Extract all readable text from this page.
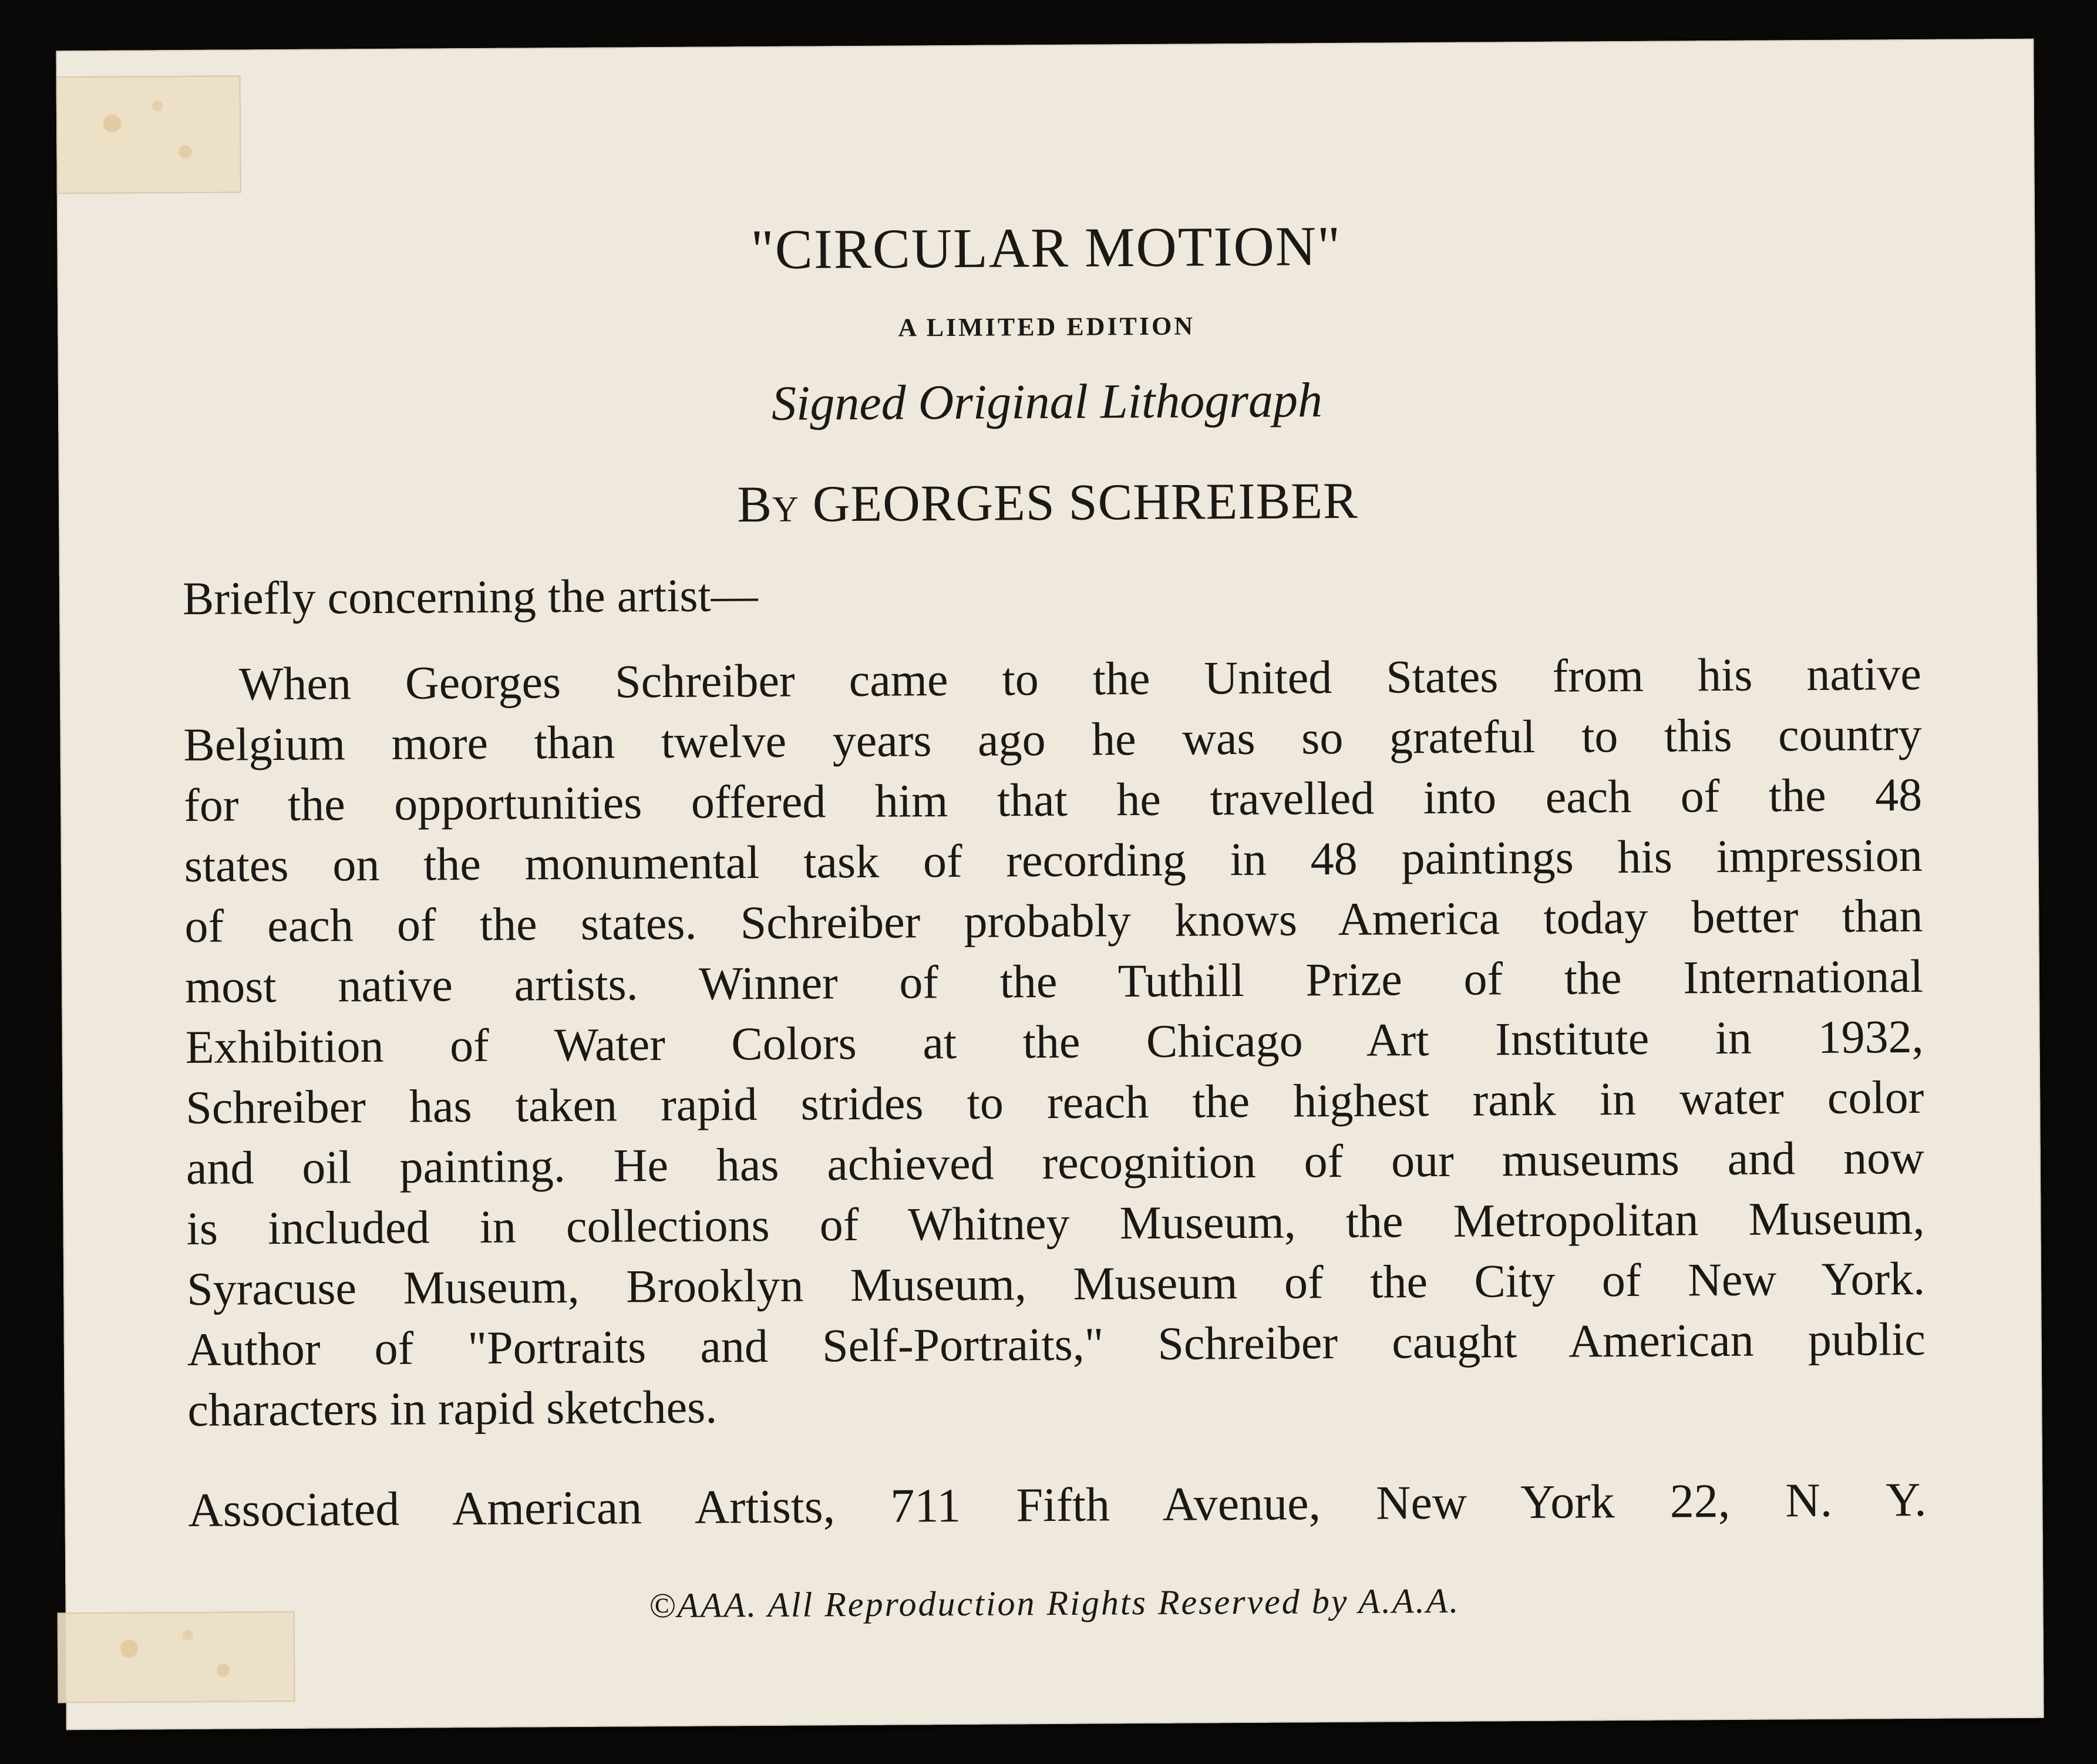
"CIRCULAR MOTION"
A LIMITED EDITION
Signed Original Lithograph
By GEORGES SCHREIBER
Briefly concerning the artist—
When Georges Schreiber came to the United States from his native
Belgium more than twelve years ago he was so grateful to this country
for the opportunities offered him that he travelled into each of the 48
states on the monumental task of recording in 48 paintings his impression
of each of the states. Schreiber probably knows America today better than
most native artists. Winner of the Tuthill Prize of the International
Exhibition of Water Colors at the Chicago Art Institute in 1932,
Schreiber has taken rapid strides to reach the highest rank in water color
and oil painting. He has achieved recognition of our museums and now
is included in collections of Whitney Museum, the Metropolitan Museum,
Syracuse Museum, Brooklyn Museum, Museum of the City of New York.
Author of "Portraits and Self-Portraits," Schreiber caught American public
characters in rapid sketches.
Associated American Artists, 711 Fifth Avenue, New York 22, N. Y.
©AAA. All Reproduction Rights Reserved by A.A.A.
